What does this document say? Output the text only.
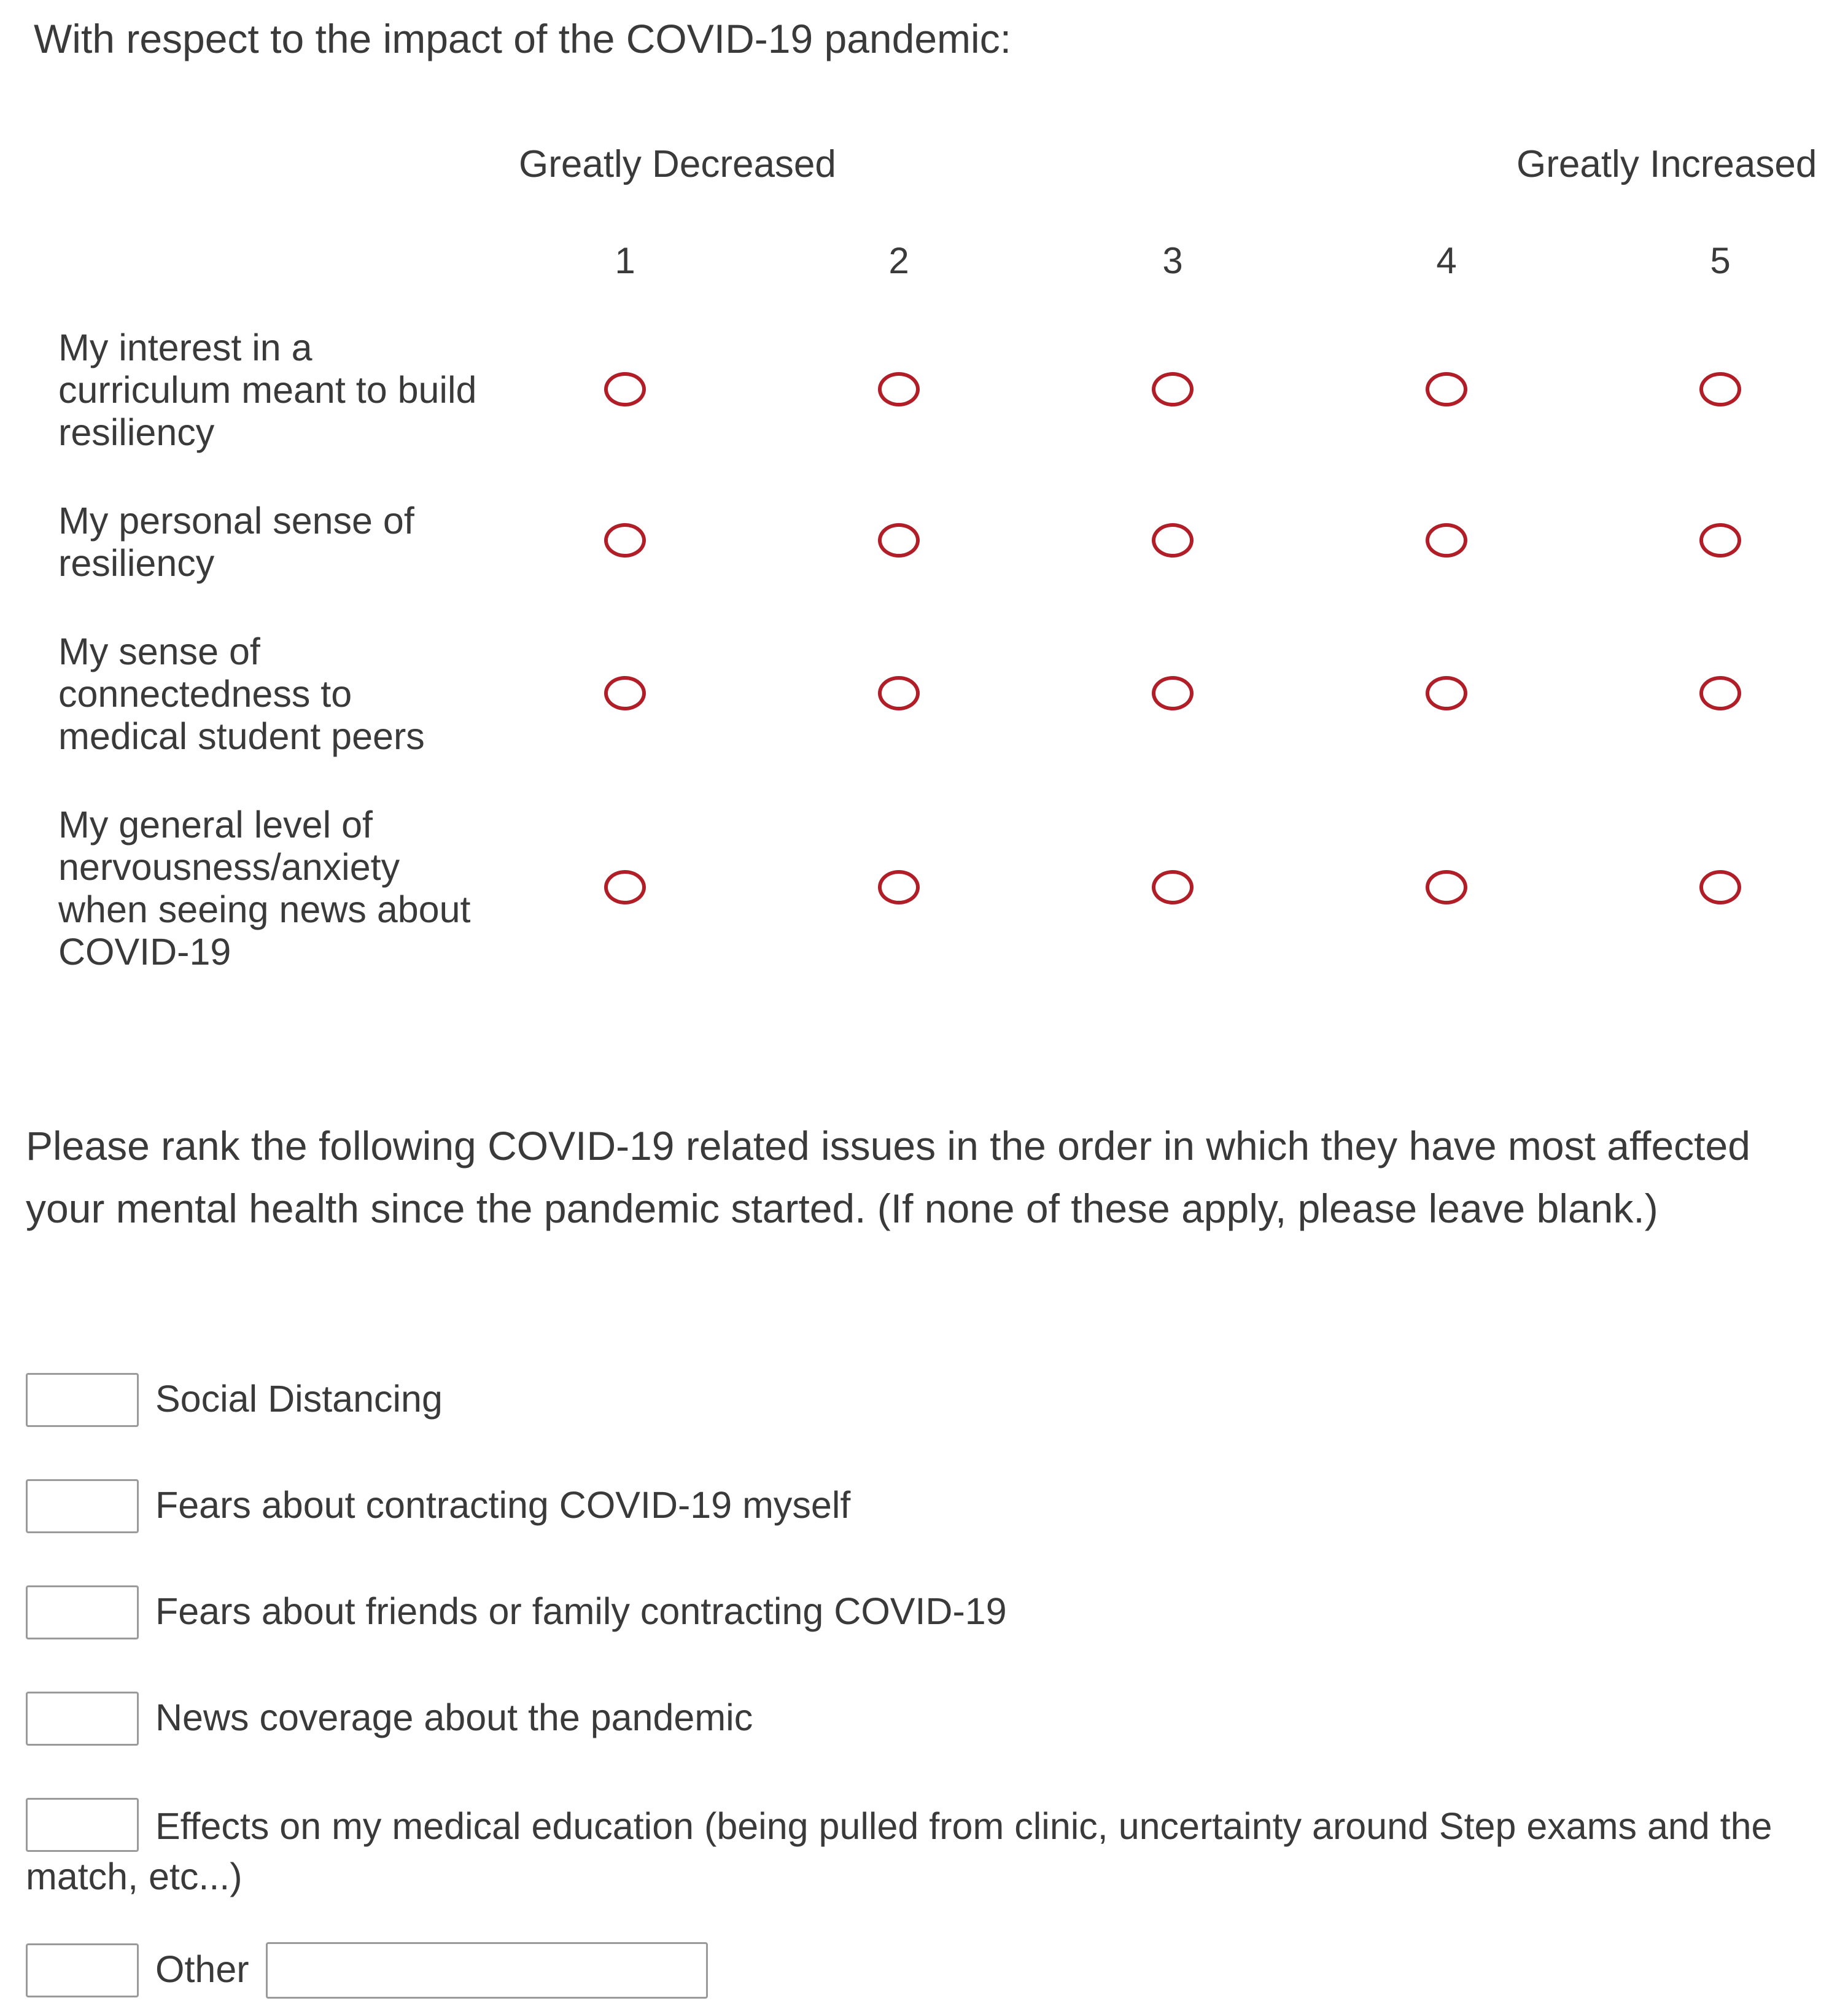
With respect to the impact of the COVID-19 pandemic:
Greatly Decreased	Greatly Increased
1	2	3	4	5
My interest in a curriculum meant to build resiliency
My personal sense of resiliency
My sense of connectedness to medical student peers
My general level of nervousness/anxiety when seeing news about COVID-19
Please rank the following COVID-19 related issues in the order in which they have most affected your mental health since the pandemic started. (If none of these apply, please leave blank.)
Social Distancing
Fears about contracting COVID-19 myself
Fears about friends or family contracting COVID-19
News coverage about the pandemic
Effects on my medical education (being pulled from clinic, uncertainty around Step exams and the match, etc...)
Other
